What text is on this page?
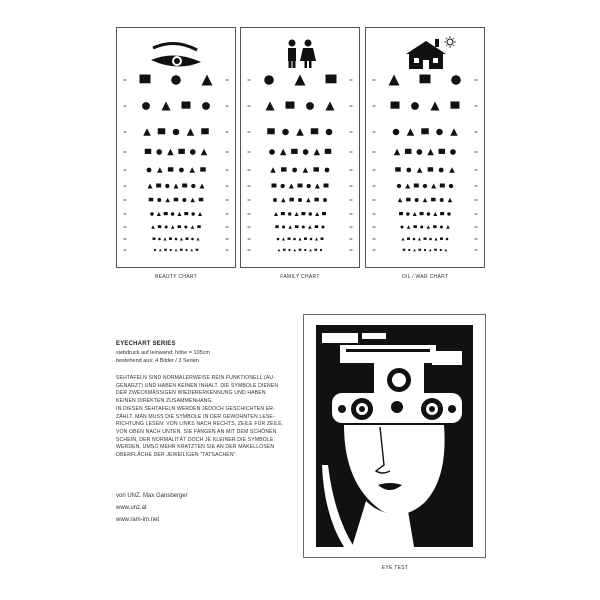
BEAUTY CHART	FAMILY CHART	OIL / WAR CHART
EYECHART SERIES
siebdruck auf leinwand: höhe = 105cm
bestehend aus: 4 Bilder / 3 Serien

SEHTAFELN SIND NORMALERWEISE REIN FUNKTIONELL (AU-GENARZT) UND HABEN KEINEN INHALT. DIE SYMBOLE DIENEN DER ZWECKMÄSSIGEN WIEDERERKENNUNG UND HABEN KEINEN DIREKTEN ZUSAMMENHANG.

IN DIESEN SEHTAFELN WERDEN JEDOCH GESCHICHTEN ER-ZÄHLT. MAN MUSS DIE SYMBOLE IN DER GEWOHNTEN LESE-RICHTUNG LESEN: VON LINKS NACH RECHTS, ZEILE FÜR ZEILE, VON OBEN NACH UNTEN. SIE FANGEN AN MIT DEM SCHÖNEN SCHEIN, DER NORMALITÄT DOCH JE KLEINER DIE SYMBOLE WERDEN, UMSO MEHR KRATZTEN SIE AN DER MAKELLOSEN OBERFLÄCHE DER JEWEILIGEN "TATSACHEN".

von UNZ. Max Gansberger
www.unz.at
www.ram-im.net
EYE TEST
